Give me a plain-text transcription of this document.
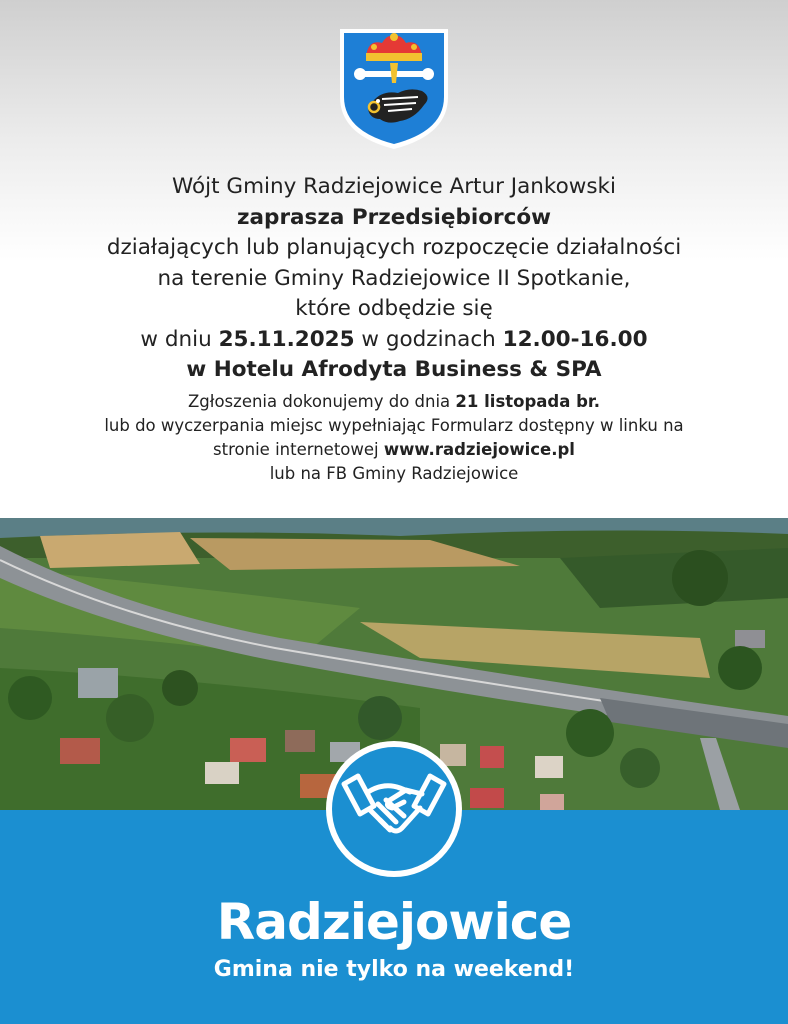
Wójt Gminy Radziejowice Artur Jankowski
zaprasza Przedsiębiorców
działających lub planujących rozpoczęcie działalności
na terenie Gminy Radziejowice II Spotkanie,
które odbędzie się
w dniu 25.11.2025 w godzinach 12.00-16.00
w Hotelu Afrodyta Business & SPA
Zgłoszenia dokonujemy do dnia 21 listopada br.
lub do wyczerpania miejsc wypełniając Formularz dostępny w linku na
stronie internetowej www.radziejowice.pl
lub na FB Gminy Radziejowice
Radziejowice
Gmina nie tylko na weekend!
